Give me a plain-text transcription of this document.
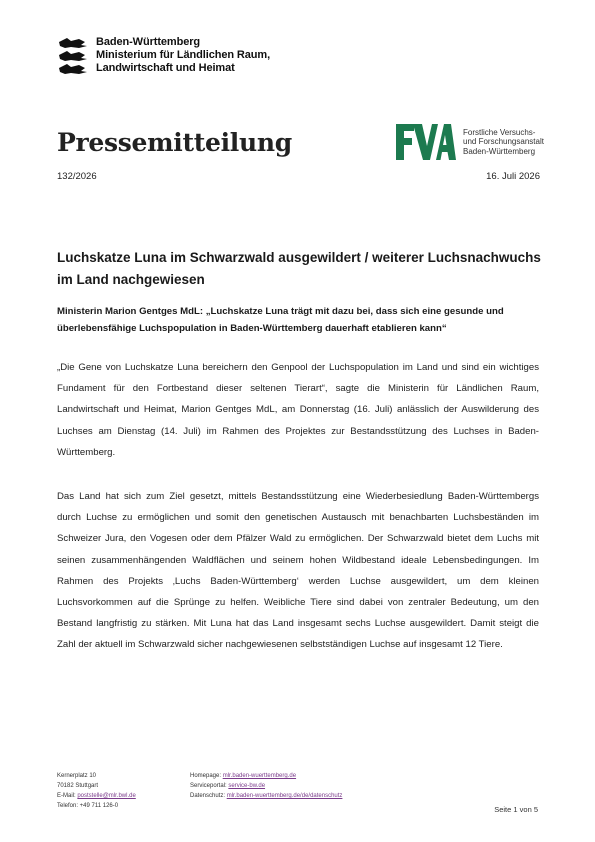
Baden-Württemberg
Ministerium für Ländlichen Raum,
Landwirtschaft und Heimat
Pressemitteilung	Forstliche Versuchs-
und Forschungsanstalt
Baden-Württemberg
132/2026	16. Juli 2026
Luchskatze Luna im Schwarzwald ausgewildert / weiterer Luchsnachwuchs im Land nachgewiesen
Ministerin Marion Gentges MdL: „Luchskatze Luna trägt mit dazu bei, dass sich eine gesunde und überlebensfähige Luchspopulation in Baden-Württemberg dauerhaft etablieren kann“

„Die Gene von Luchskatze Luna bereichern den Genpool der Luchspopulation im Land und sind ein wichtiges Fundament für den Fortbestand dieser seltenen Tierart“, sagte die Ministerin für Ländlichen Raum, Landwirtschaft und Heimat, Marion Gentges MdL, am Donnerstag (16. Juli) anlässlich der Auswilderung des Luchses am Dienstag (14. Juli) im Rahmen des Projektes zur Bestandsstützung des Luchses in Baden-Württemberg.

Das Land hat sich zum Ziel gesetzt, mittels Bestandsstützung eine Wiederbesiedlung Baden-Württembergs durch Luchse zu ermöglichen und somit den genetischen Austausch mit benachbarten Luchsbeständen im Schweizer Jura, den Vogesen oder dem Pfälzer Wald zu ermöglichen. Der Schwarzwald bietet dem Luchs mit seinen zusammenhängenden Waldflächen und seinem hohen Wildbestand ideale Lebensbedingungen. Im Rahmen des Projekts ‚Luchs Baden-Württemberg‘ werden Luchse ausgewildert, um dem kleinen Luchsvorkommen auf die Sprünge zu helfen. Weibliche Tiere sind dabei von zentraler Bedeutung, um den Bestand langfristig zu stärken. Mit Luna hat das Land insgesamt sechs Luchse ausgewildert. Damit steigt die Zahl der aktuell im Schwarzwald sicher nachgewiesenen selbstständigen Luchse auf insgesamt 12 Tiere.

Kernerplatz 10
70182 Stuttgart
E-Mail: poststelle@mlr.bwl.de
Telefon: +49 711 126-0
Homepage: mlr.baden-wuerttemberg.de
Serviceportal: service-bw.de
Datenschutz: mlr.baden-wuerttemberg.de/de/datenschutz
Seite 1 von 5
